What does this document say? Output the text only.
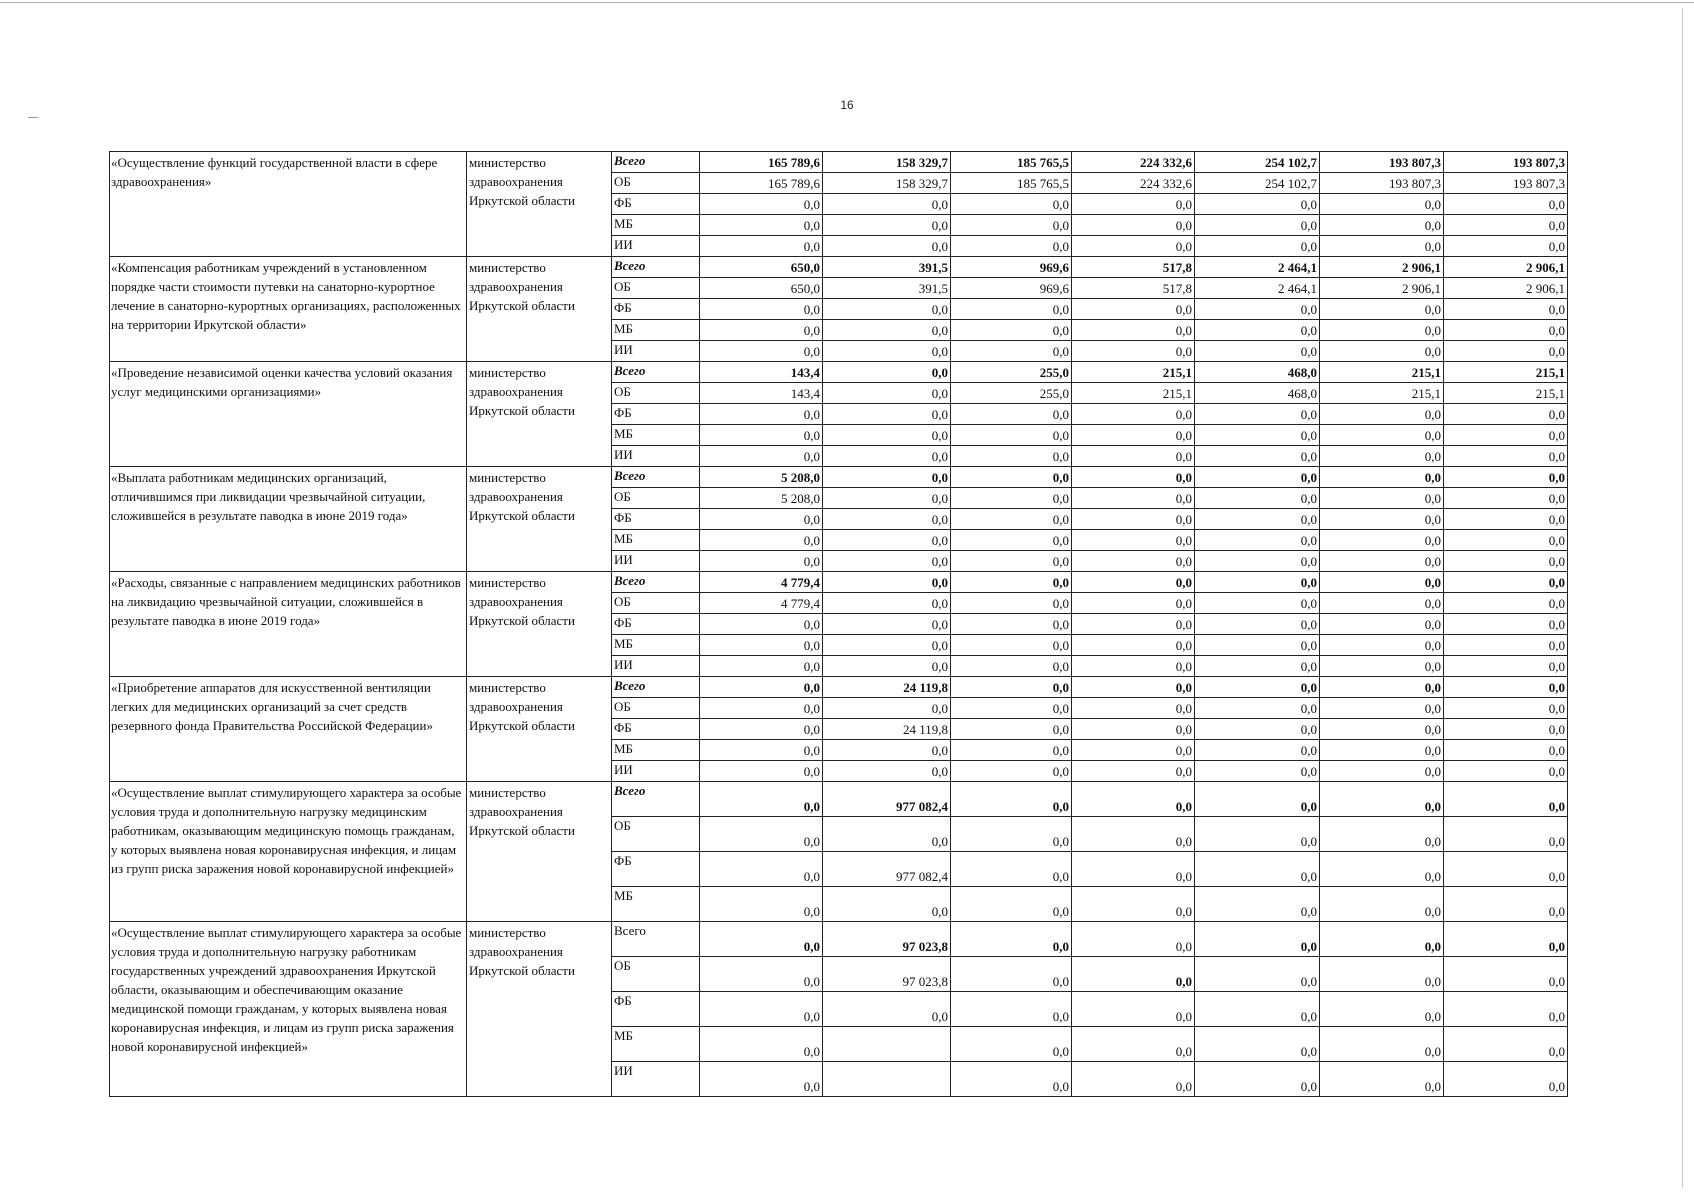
16
«Осуществление функций государственной власти в сфере здравоохранения»	министерство здравоохранения Иркутской области	Всего	165 789,6	158 329,7	185 765,5	224 332,6	254 102,7	193 807,3	193 807,3
		ОБ	165 789,6	158 329,7	185 765,5	224 332,6	254 102,7	193 807,3	193 807,3
		ФБ	0,0	0,0	0,0	0,0	0,0	0,0	0,0
		МБ	0,0	0,0	0,0	0,0	0,0	0,0	0,0
		ИИ	0,0	0,0	0,0	0,0	0,0	0,0	0,0
«Компенсация работникам учреждений в установленном порядке части стоимости путевки на санаторно-курортное лечение в санаторно-курортных организациях, расположенных на территории Иркутской области»	министерство здравоохранения Иркутской области	Всего	650,0	391,5	969,6	517,8	2 464,1	2 906,1	2 906,1
		ОБ	650,0	391,5	969,6	517,8	2 464,1	2 906,1	2 906,1
		ФБ	0,0	0,0	0,0	0,0	0,0	0,0	0,0
		МБ	0,0	0,0	0,0	0,0	0,0	0,0	0,0
		ИИ	0,0	0,0	0,0	0,0	0,0	0,0	0,0
«Проведение независимой оценки качества условий оказания услуг медицинскими организациями»	министерство здравоохранения Иркутской области	Всего	143,4	0,0	255,0	215,1	468,0	215,1	215,1
		ОБ	143,4	0,0	255,0	215,1	468,0	215,1	215,1
		ФБ	0,0	0,0	0,0	0,0	0,0	0,0	0,0
		МБ	0,0	0,0	0,0	0,0	0,0	0,0	0,0
		ИИ	0,0	0,0	0,0	0,0	0,0	0,0	0,0
«Выплата работникам медицинских организаций, отличившимся при ликвидации чрезвычайной ситуации, сложившейся в результате паводка в июне 2019 года»	министерство здравоохранения Иркутской области	Всего	5 208,0	0,0	0,0	0,0	0,0	0,0	0,0
		ОБ	5 208,0	0,0	0,0	0,0	0,0	0,0	0,0
		ФБ	0,0	0,0	0,0	0,0	0,0	0,0	0,0
		МБ	0,0	0,0	0,0	0,0	0,0	0,0	0,0
		ИИ	0,0	0,0	0,0	0,0	0,0	0,0	0,0
«Расходы, связанные с направлением медицинских работников на ликвидацию чрезвычайной ситуации, сложившейся в результате паводка в июне 2019 года»	министерство здравоохранения Иркутской области	Всего	4 779,4	0,0	0,0	0,0	0,0	0,0	0,0
		ОБ	4 779,4	0,0	0,0	0,0	0,0	0,0	0,0
		ФБ	0,0	0,0	0,0	0,0	0,0	0,0	0,0
		МБ	0,0	0,0	0,0	0,0	0,0	0,0	0,0
		ИИ	0,0	0,0	0,0	0,0	0,0	0,0	0,0
«Приобретение аппаратов для искусственной вентиляции легких для медицинских организаций за счет средств резервного фонда Правительства Российской Федерации»	министерство здравоохранения Иркутской области	Всего	0,0	24 119,8	0,0	0,0	0,0	0,0	0,0
		ОБ	0,0	0,0	0,0	0,0	0,0	0,0	0,0
		ФБ	0,0	24 119,8	0,0	0,0	0,0	0,0	0,0
		МБ	0,0	0,0	0,0	0,0	0,0	0,0	0,0
		ИИ	0,0	0,0	0,0	0,0	0,0	0,0	0,0
«Осуществление выплат стимулирующего характера за особые условия труда и дополнительную нагрузку медицинским работникам, оказывающим медицинскую помощь гражданам, у которых выявлена новая коронавирусная инфекция, и лицам из групп риска заражения новой коронавирусной инфекцией»	министерство здравоохранения Иркутской области	Всего	0,0	977 082,4	0,0	0,0	0,0	0,0	0,0
		ОБ	0,0	0,0	0,0	0,0	0,0	0,0	0,0
		ФБ	0,0	977 082,4	0,0	0,0	0,0	0,0	0,0
		МБ	0,0	0,0	0,0	0,0	0,0	0,0	0,0
«Осуществление выплат стимулирующего характера за особые условия труда и дополнительную нагрузку работникам государственных учреждений здравоохранения Иркутской области, оказывающим и обеспечивающим оказание медицинской помощи гражданам, у которых выявлена новая коронавирусная инфекция, и лицам из групп риска заражения новой коронавирусной инфекцией»	министерство здравоохранения Иркутской области	Всего	0,0	97 023,8	0,0	0,0	0,0	0,0	0,0
		ОБ	0,0	97 023,8	0,0	0,0	0,0	0,0	0,0
		ФБ	0,0	0,0	0,0	0,0	0,0	0,0	0,0
		МБ	0,0		0,0	0,0	0,0	0,0	0,0
		ИИ	0,0		0,0	0,0	0,0	0,0	0,0
